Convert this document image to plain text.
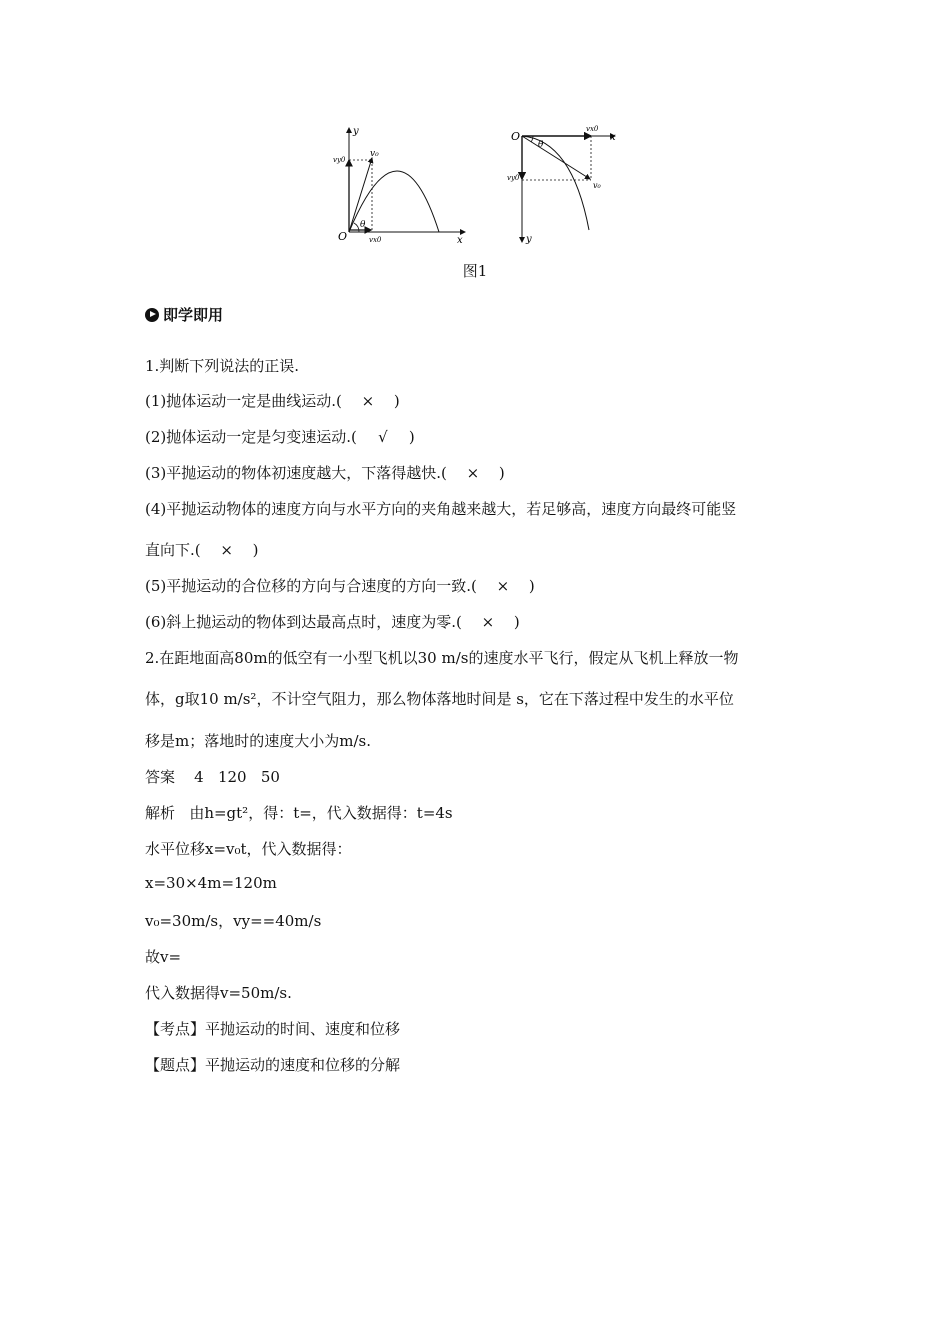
y
x
O
v₀
vy0
vx0
θ
O	x
y
vx0
vy0
v₀
θ
图1
即学即用
1.判断下列说法的正误.
(1)抛体运动一定是曲线运动.( × )
(2)抛体运动一定是匀变速运动.( √ )
(3)平抛运动的物体初速度越大，下落得越快.( × )
(4)平抛运动物体的速度方向与水平方向的夹角越来越大，若足够高，速度方向最终可能竖
直向下.( × )
(5)平抛运动的合位移的方向与合速度的方向一致.( × )
(6)斜上抛运动的物体到达最高点时，速度为零.( × )
2.在距地面高80m的低空有一小型飞机以30 m/s的速度水平飞行，假定从飞机上释放一物
体，g取10 m/s²，不计空气阻力，那么物体落地时间是 s，它在下落过程中发生的水平位
移是m；落地时的速度大小为m/s.
答案 4   120   50
解析 由h=gt²，得：t=，代入数据得：t=4s
水平位移x=v₀t，代入数据得：
x=30×4m=120m
v₀=30m/s，vy==40m/s
故v=
代入数据得v=50m/s.
【考点】平抛运动的时间、速度和位移
【题点】平抛运动的速度和位移的分解
